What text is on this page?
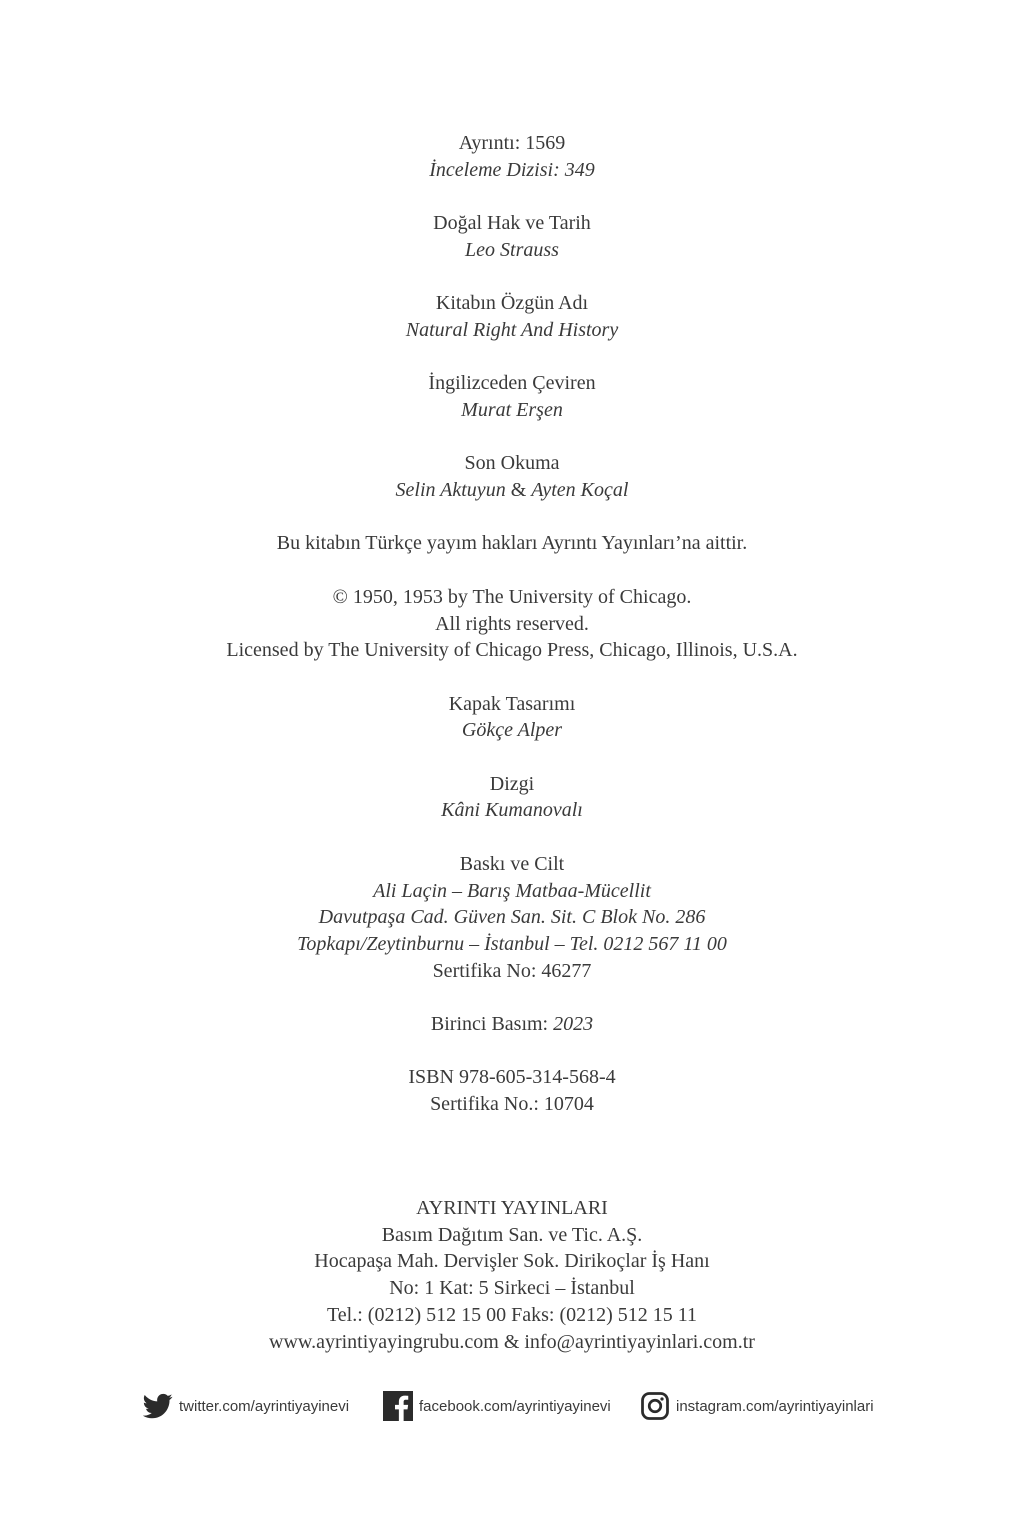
Ayrıntı: 1569

İnceleme Dizisi: 349

Doğal Hak ve Tarih

Leo Strauss

Kitabın Özgün Adı

Natural Right And History

İngilizceden Çeviren

Murat Erşen

Son Okuma

Selin Aktuyun & Ayten Koçal

Bu kitabın Türkçe yayım hakları Ayrıntı Yayınları’na aittir.

© 1950, 1953 by The University of Chicago.

All rights reserved.

Licensed by The University of Chicago Press, Chicago, Illinois, U.S.A.

Kapak Tasarımı

Gökçe Alper

Dizgi

Kâni Kumanovalı

Baskı ve Cilt

Ali Laçin – Barış Matbaa-Mücellit

Davutpaşa Cad. Güven San. Sit. C Blok No. 286

Topkapı/Zeytinburnu – İstanbul – Tel. 0212 567 11 00

Sertifika No: 46277

Birinci Basım: 2023

ISBN 978-605-314-568-4

Sertifika No.: 10704

AYRINTI YAYINLARI

Basım Dağıtım San. ve Tic. A.Ş.

Hocapaşa Mah. Dervişler Sok. Dirikoçlar İş Hanı

No: 1 Kat: 5 Sirkeci – İstanbul

Tel.: (0212) 512 15 00 Faks: (0212) 512 15 11

www.ayrintiyayingrubu.com & info@ayrintiyayinlari.com.tr

twitter.com/ayrintiyayinevi	facebook.com/ayrintiyayinevi	instagram.com/ayrintiyayinlari
